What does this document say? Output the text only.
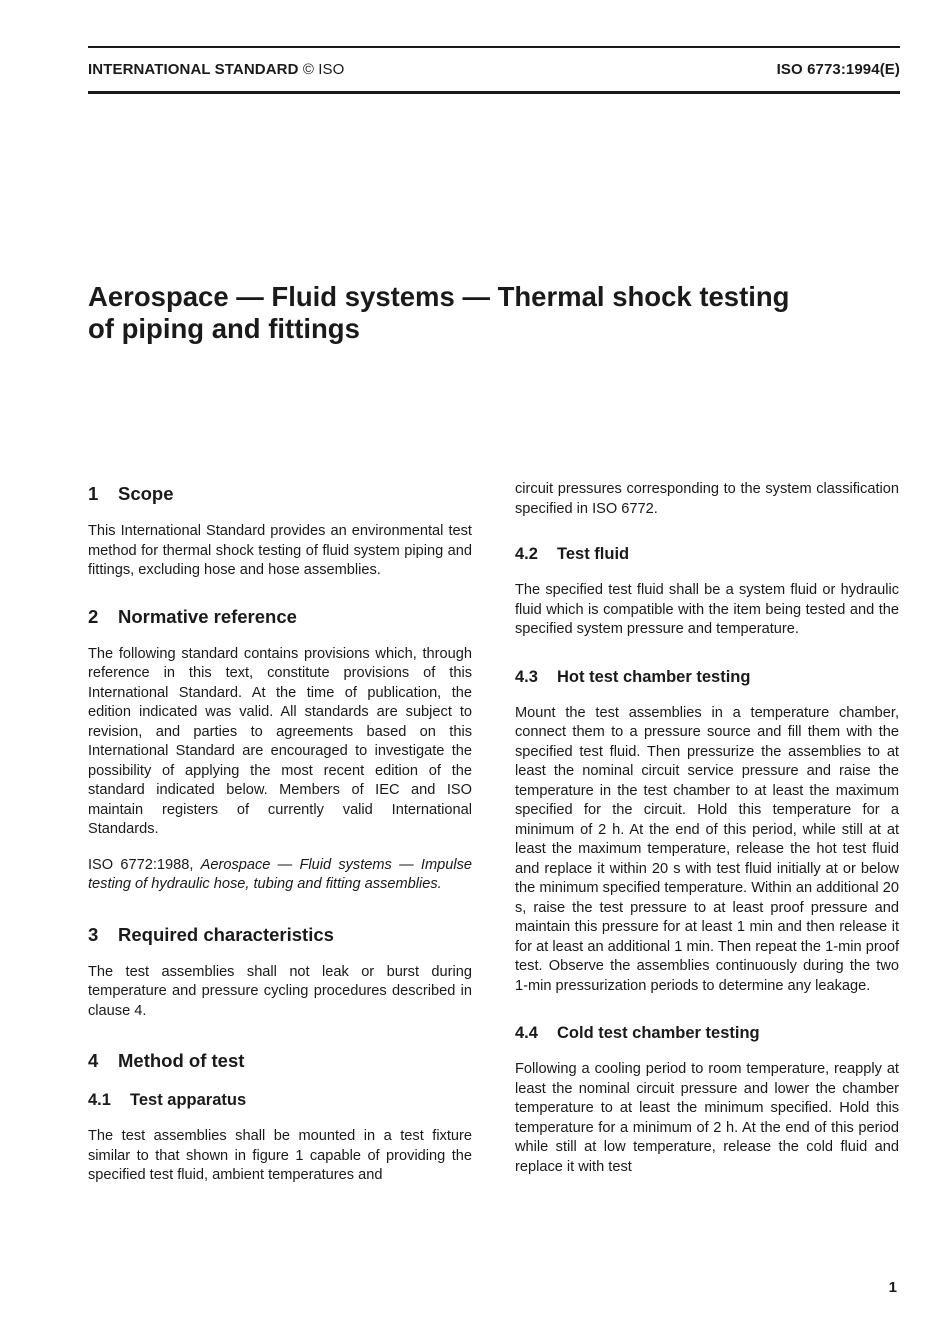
INTERNATIONAL STANDARD © ISO	ISO 6773:1994(E)
Aerospace — Fluid systems — Thermal shock testing
of piping and fittings
1 Scope

This International Standard provides an environmental test method for thermal shock testing of fluid system piping and fittings, excluding hose and hose assemblies.

2 Normative reference

The following standard contains provisions which, through reference in this text, constitute provisions of this International Standard. At the time of publication, the edition indicated was valid. All standards are subject to revision, and parties to agreements based on this International Standard are encouraged to investigate the possibility of applying the most recent edition of the standard indicated below. Members of IEC and ISO maintain registers of currently valid International Standards.

ISO 6772:1988, Aerospace — Fluid systems — Impulse testing of hydraulic hose, tubing and fitting assemblies.

3 Required characteristics

The test assemblies shall not leak or burst during temperature and pressure cycling procedures described in clause 4.

4 Method of test
4.1 Test apparatus

The test assemblies shall be mounted in a test fixture similar to that shown in figure 1 capable of providing the specified test fluid, ambient temperatures and

circuit pressures corresponding to the system classification specified in ISO 6772.

4.2 Test fluid

The specified test fluid shall be a system fluid or hydraulic fluid which is compatible with the item being tested and the specified system pressure and temperature.

4.3 Hot test chamber testing

Mount the test assemblies in a temperature chamber, connect them to a pressure source and fill them with the specified test fluid. Then pressurize the assemblies to at least the nominal circuit service pressure and raise the temperature in the test chamber to at least the maximum specified for the circuit. Hold this temperature for a minimum of 2 h. At the end of this period, while still at at least the maximum temperature, release the hot test fluid and replace it within 20 s with test fluid initially at or below the minimum specified temperature. Within an additional 20 s, raise the test pressure to at least proof pressure and maintain this pressure for at least 1 min and then release it for at least an additional 1 min. Then repeat the 1-min proof test. Observe the assemblies continuously during the two 1-min pressurization periods to determine any leakage.

4.4 Cold test chamber testing

Following a cooling period to room temperature, reapply at least the nominal circuit pressure and lower the chamber temperature to at least the minimum specified. Hold this temperature for a minimum of 2 h. At the end of this period while still at low temperature, release the cold fluid and replace it with test

1
